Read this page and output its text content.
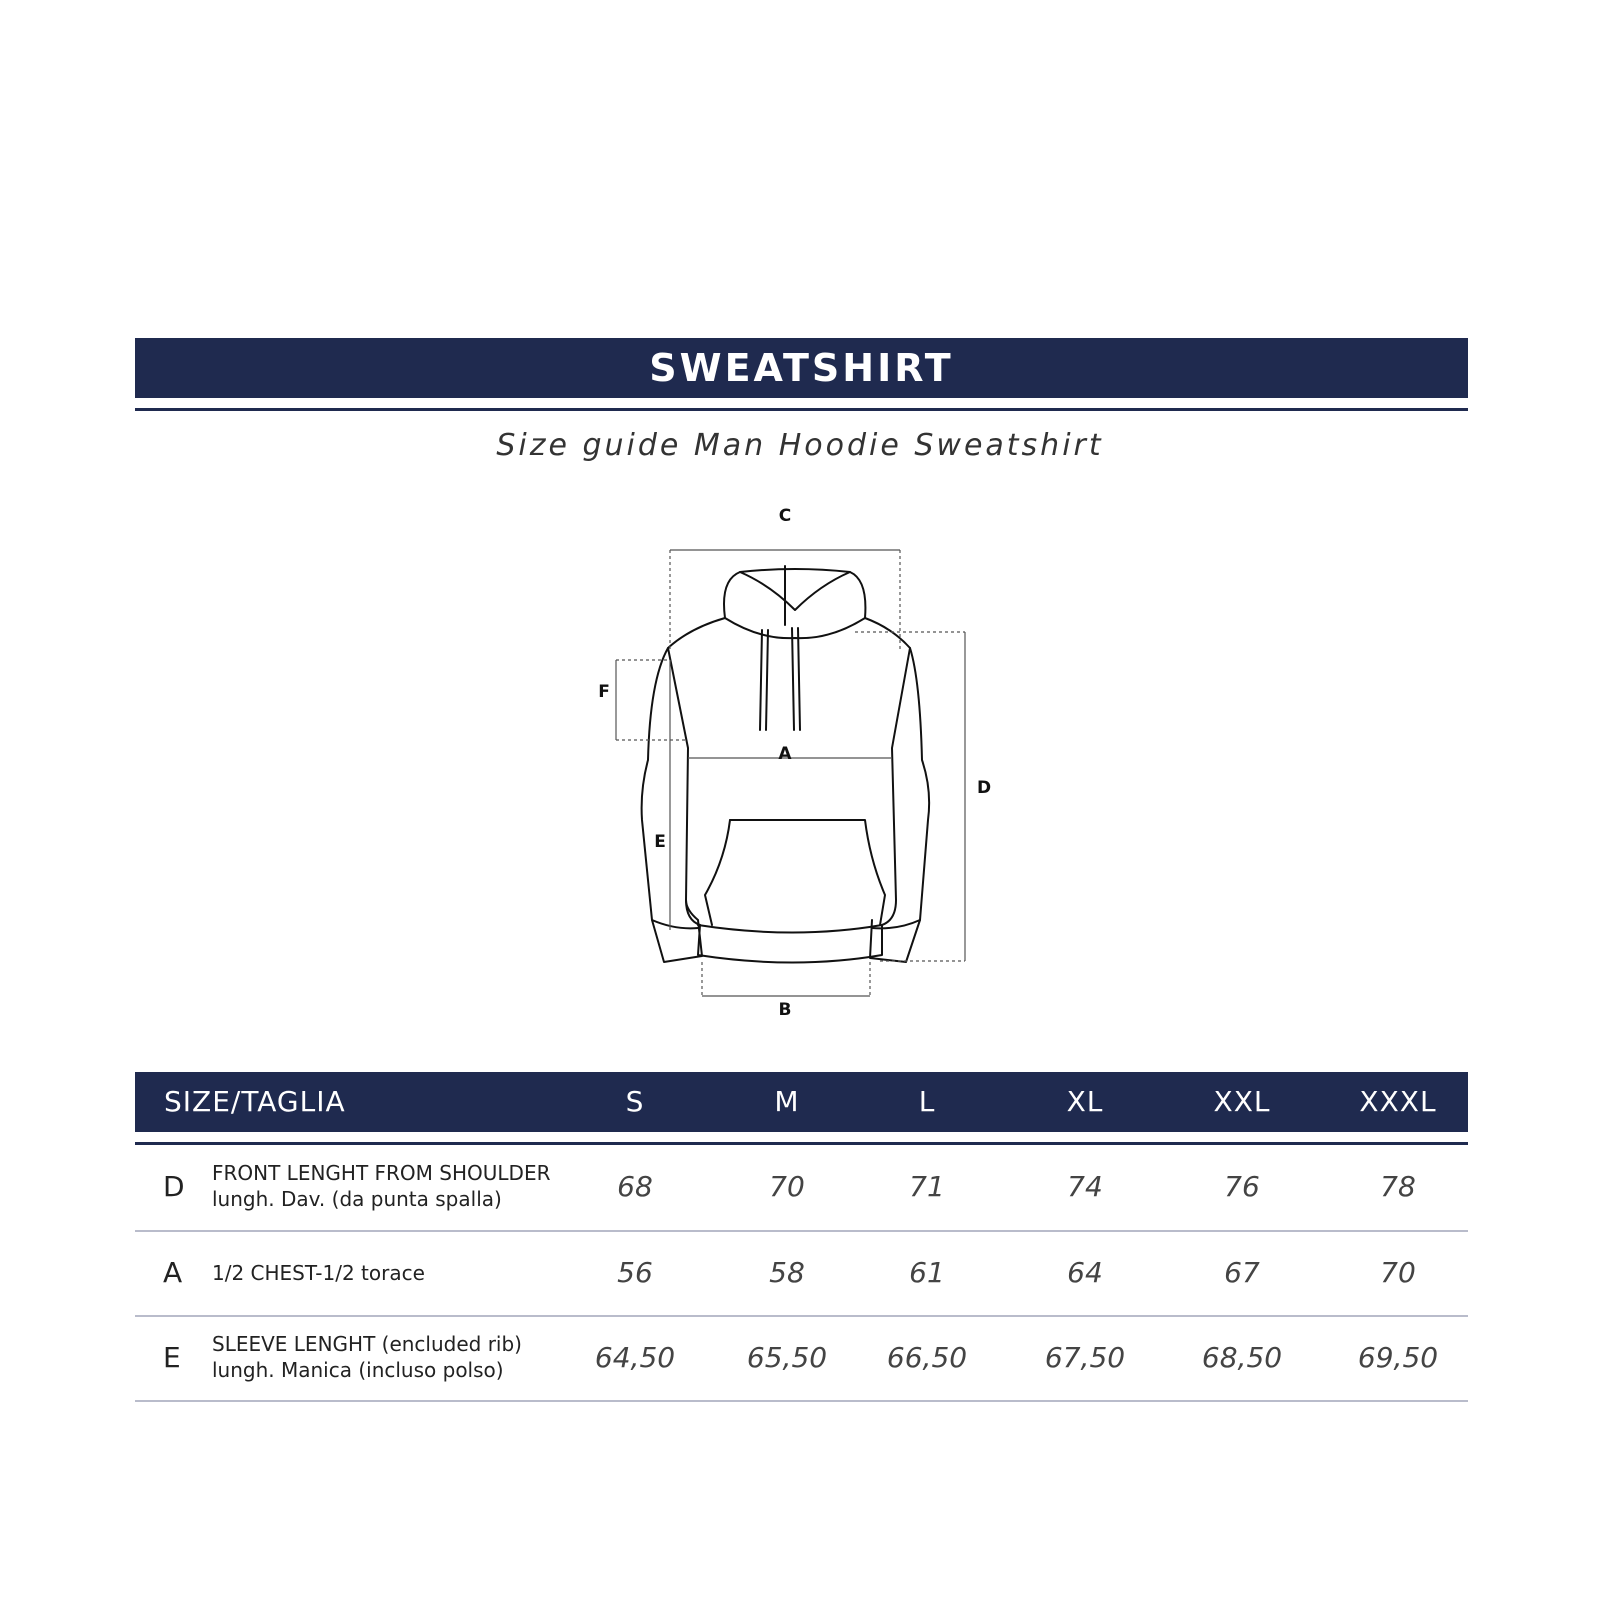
SWEATSHIRT
Size guide Man Hoodie Sweatshirt
C
A
B
D
F
E
SIZE/TAGLIA	S	M	L	XL	XXL	XXXL
D FRONT LENGHT FROM SHOULDER
lungh. Dav. (da punta spalla)	68	70	71	74	76	78
A 1/2 CHEST-1/2 torace	56	58	61	64	67	70
E SLEEVE LENGHT (encluded rib)
lungh. Manica (incluso polso)	64,50	65,50 66,50	67,50	68,50	69,50
